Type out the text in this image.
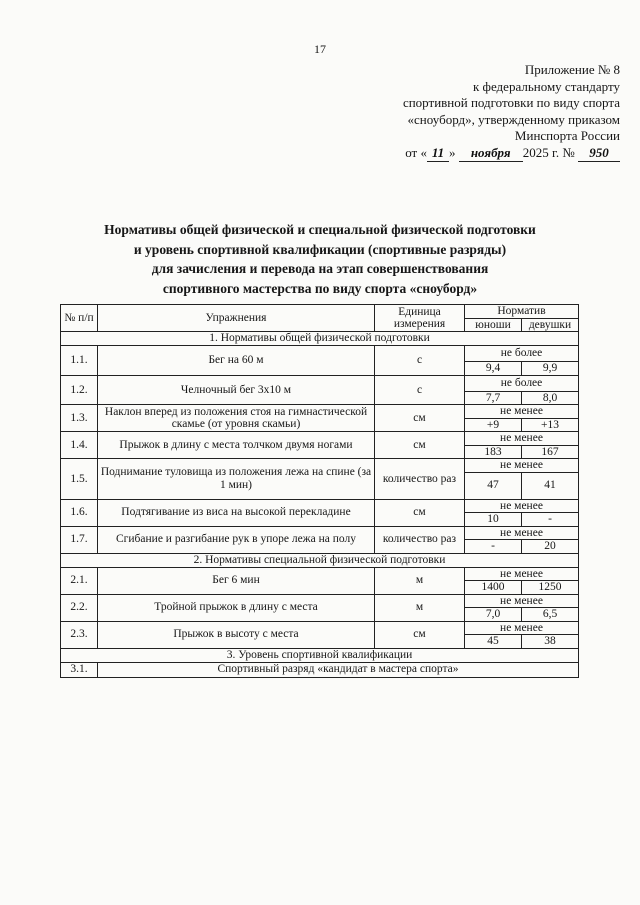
17
Приложение № 8
к федеральному стандарту
спортивной подготовки по виду спорта
«сноуборд», утвержденному приказом
Минспорта России
от « 11 » ноября 2025 г. № 950
Нормативы общей физической и специальной физической подготовки
и уровень спортивной квалификации (спортивные разряды)
для зачисления и перевода на этап совершенствования
спортивного мастерства по виду спорта «сноуборд»
№ п/п	Упражнения	Единица измерения	Норматив	
			юноши	девушки
1. Нормативы общей физической подготовки				
1.1.	Бег на 60 м	с	не более	
			9,4	9,9
1.2.	Челночный бег 3х10 м	с	не более	
			7,7	8,0
1.3.	Наклон вперед из положения стоя на гимнастической скамье (от уровня скамьи)	см	не менее	
			+9	+13
1.4.	Прыжок в длину с места толчком двумя ногами	см	не менее	
			183	167
1.5.	Поднимание туловища из положения лежа на спине (за 1 мин)	количество раз	не менее	
			47	41
1.6.	Подтягивание из виса на высокой перекладине	см	не менее	
			10	-
1.7.	Сгибание и разгибание рук в упоре лежа на полу	количество раз	не менее	
			-	20
2. Нормативы специальной физической подготовки				
2.1.	Бег 6 мин	м	не менее	
			1400	1250
2.2.	Тройной прыжок в длину с места	м	не менее	
			7,0	6,5
2.3.	Прыжок в высоту с места	см	не менее	
			45	38
3. Уровень спортивной квалификации				
3.1.	Спортивный разряд «кандидат в мастера спорта»			
